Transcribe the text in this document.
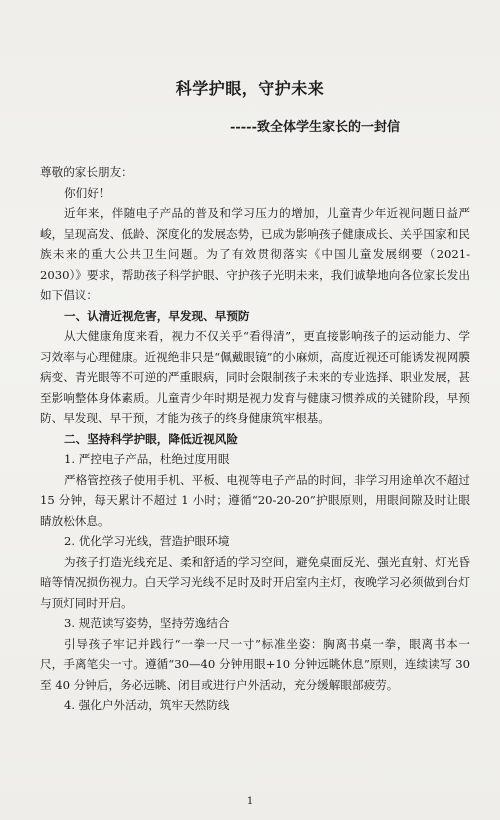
科学护眼，守护未来
-----致全体学生家长的一封信

尊敬的家长朋友：

你们好！

近年来，伴随电子产品的普及和学习压力的增加，儿童青少年近视问题日益严峻，呈现高发、低龄、深度化的发展态势，已成为影响孩子健康成长、关乎国家和民族未来的重大公共卫生问题。为了有效贯彻落实《中国儿童发展纲要（2021-2030）》要求，帮助孩子科学护眼、守护孩子光明未来，我们诚挚地向各位家长发出如下倡议：

一、认清近视危害，早发现、早预防

从大健康角度来看，视力不仅关乎“看得清”，更直接影响孩子的运动能力、学习效率与心理健康。近视绝非只是“佩戴眼镜”的小麻烦，高度近视还可能诱发视网膜病变、青光眼等不可逆的严重眼病，同时会限制孩子未来的专业选择、职业发展，甚至影响整体身体素质。儿童青少年时期是视力发育与健康习惯养成的关键阶段，早预防、早发现、早干预，才能为孩子的终身健康筑牢根基。

二、坚持科学护眼，降低近视风险

1. 严控电子产品，杜绝过度用眼

严格管控孩子使用手机、平板、电视等电子产品的时间，非学习用途单次不超过 15 分钟，每天累计不超过 1 小时；遵循“20-20-20”护眼原则，用眼间隙及时让眼睛放松休息。

2. 优化学习光线，营造护眼环境

为孩子打造光线充足、柔和舒适的学习空间，避免桌面反光、强光直射、灯光昏暗等情况损伤视力。白天学习光线不足时及时开启室内主灯，夜晚学习必须做到台灯与顶灯同时开启。

3. 规范读写姿势，坚持劳逸结合

引导孩子牢记并践行“一拳一尺一寸”标准坐姿：胸离书桌一拳，眼离书本一尺，手离笔尖一寸。遵循“30—40 分钟用眼+10 分钟远眺休息”原则，连续读写 30 至 40 分钟后，务必远眺、闭目或进行户外活动，充分缓解眼部疲劳。

4. 强化户外活动，筑牢天然防线

1
